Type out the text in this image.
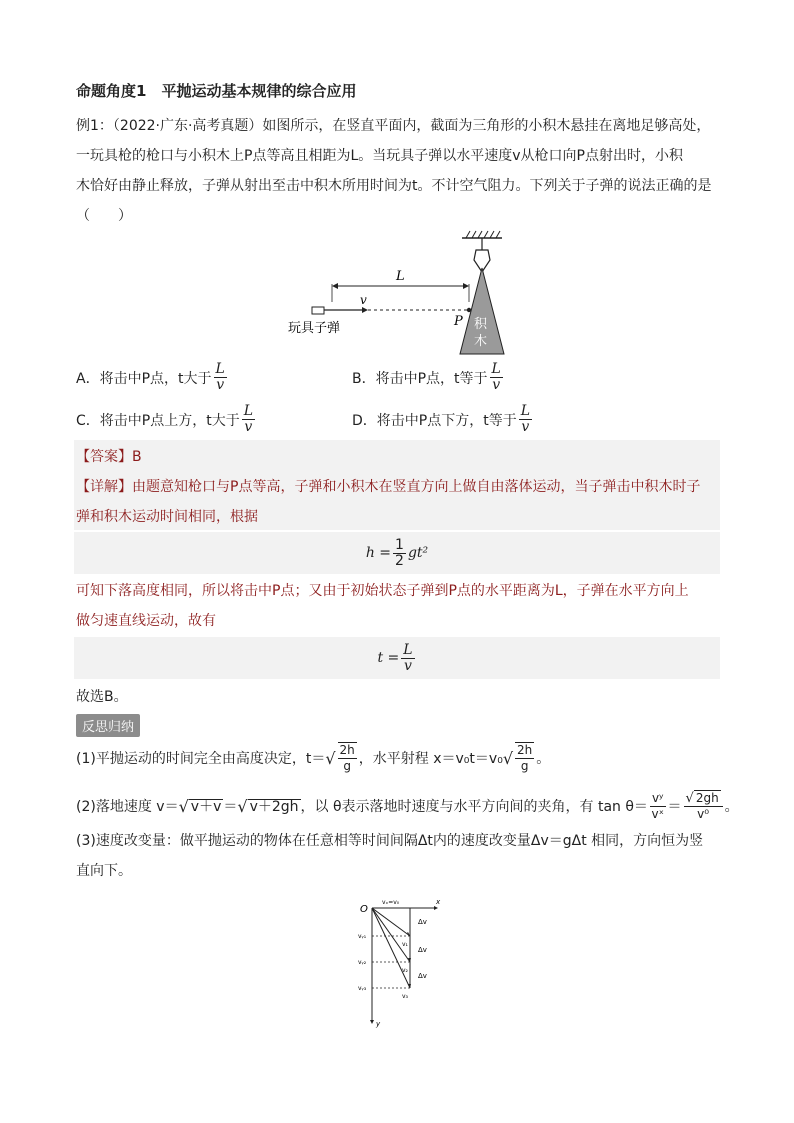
命题角度1　平抛运动基本规律的综合应用
例1：（2022·广东·高考真题）如图所示，在竖直平面内，截面为三角形的小积木悬挂在离地足够高处，
一玩具枪的枪口与小积木上P点等高且相距为L。当玩具子弹以水平速度v从枪口向P点射出时，小积
木恰好由静止释放，子弹从射出至击中积木所用时间为t。不计空气阻力。下列关于子弹的说法正确的是
（　　）
积
木
L
v
P
玩具子弹
A．将击中P点，t大于 $\frac{L}{v}$	B．将击中P点，t等于 $\frac{L}{v}$
C．将击中P点上方，t大于 $\frac{L}{v}$	D．将击中P点下方，t等于 $\frac{L}{v}$
【答案】B
【详解】由题意知枪口与P点等高，子弹和小积木在竖直方向上做自由落体运动，当子弹击中积木时子
弹和积木运动时间相同，根据
$h = \frac{1}{2} gt^2$
可知下落高度相同，所以将击中P点；又由于初始状态子弹到P点的水平距离为L，子弹在水平方向上
做匀速直线运动，故有
$t = \frac{L}{v}$
故选B。
反思归纳
(1)平抛运动的时间完全由高度决定，t＝ √ $\frac{2h}{g}$ ，水平射程 x＝v₀t＝v₀ √ $\frac{2h}{g}$ 。
(2)落地速度 v＝ √ v＋v ＝ √ v＋2gh ，以 θ表示落地时速度与水平方向间的夹角，有 $\tan \theta= \frac{\text{vʸ}}{\text{vˣ}} = \frac{√ 2gh}{\text{v⁰}}$ 。
(3)速度改变量：做平抛运动的物体在任意相等时间间隔Δt内的速度改变量Δv＝gΔt 相同，方向恒为竖
直向下。
O
x
y
vₓ=v₀
Δv
Δv
Δv
vᵧ₁
vᵧ₂
vᵧ₃
v₁
v₂
v₃
